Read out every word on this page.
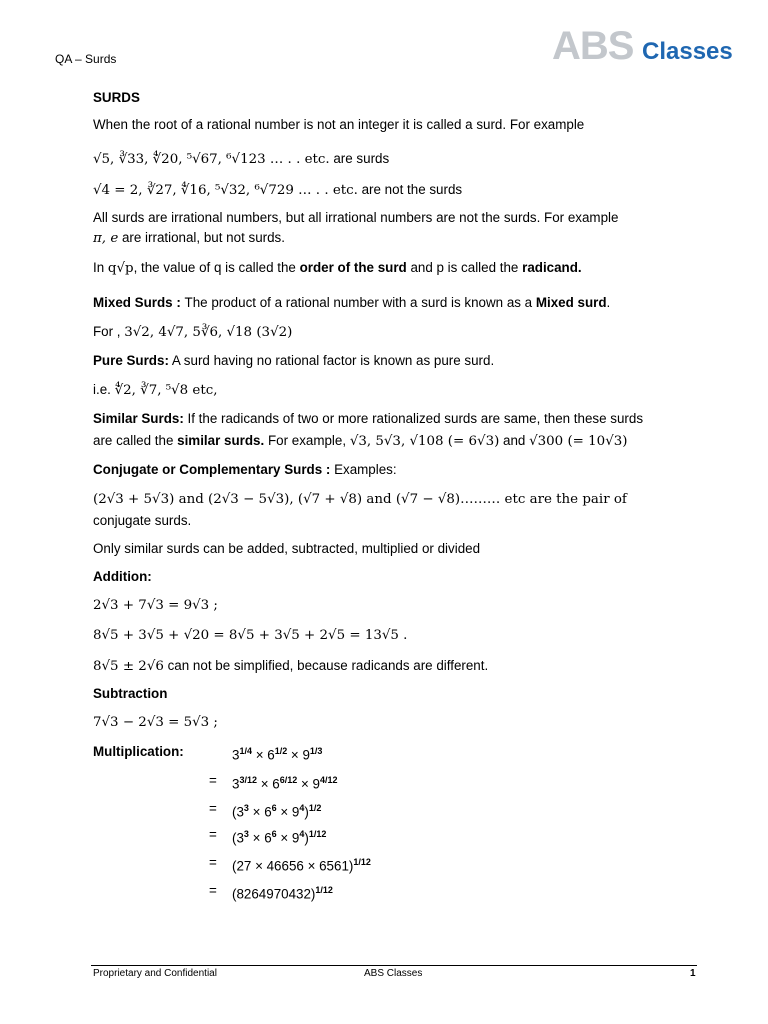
QA – Surds	ABS Classes
SURDS
When the root of a rational number is not an integer it is called a surd. For example
√5, ∛33, ∜20, ⁵√67, ⁶√123 … . . etc. are surds
√4 = 2, ∛27, ∜16, ⁵√32, ⁶√729 … . . etc. are not the surds
All surds are irrational numbers, but all irrational numbers are not the surds. For example
π, e are irrational, but not surds.
In q√p, the value of q is called the order of the surd and p is called the radicand.
Mixed Surds : The product of a rational number with a surd is known as a Mixed surd.
For , 3√2, 4√7, 5∛6, √18 (3√2)
Pure Surds: A surd having no rational factor is known as pure surd.
i.e. ∜2, ∛7, ⁵√8 etc,
Similar Surds: If the radicands of two or more rationalized surds are same, then these surds
are called the similar surds. For example, √3, 5√3, √108 (= 6√3) and √300 (= 10√3)
Conjugate or Complementary Surds : Examples:
(2√3 + 5√3) and (2√3 − 5√3), (√7 + √8) and (√7 − √8)……… etc are the pair of
conjugate surds.
Only similar surds can be added, subtracted, multiplied or divided
Addition:
2√3 + 7√3 = 9√3 ;
8√5 + 3√5 + √20 = 8√5 + 3√5 + 2√5 = 13√5 .
8√5 ± 2√6 can not be simplified, because radicands are different.
Subtraction
7√3 − 2√3 = 5√3 ;
Multiplication:	$3^{1/4} \times 6^{1/2} \times 9^{1/3}$
= $3^{3/12} \times 6^{6/12} \times 9^{4/12}$
= $(3^3 \times 6^6 \times 9^4)^{1/2}$
= $(3^3 \times 6^6 \times 9^4)^{1/12}$
= $(27 \times 46656 \times 6561)^{1/12}$
= $(8264970432)^{1/12}$
Proprietary and Confidential	ABS Classes	1
